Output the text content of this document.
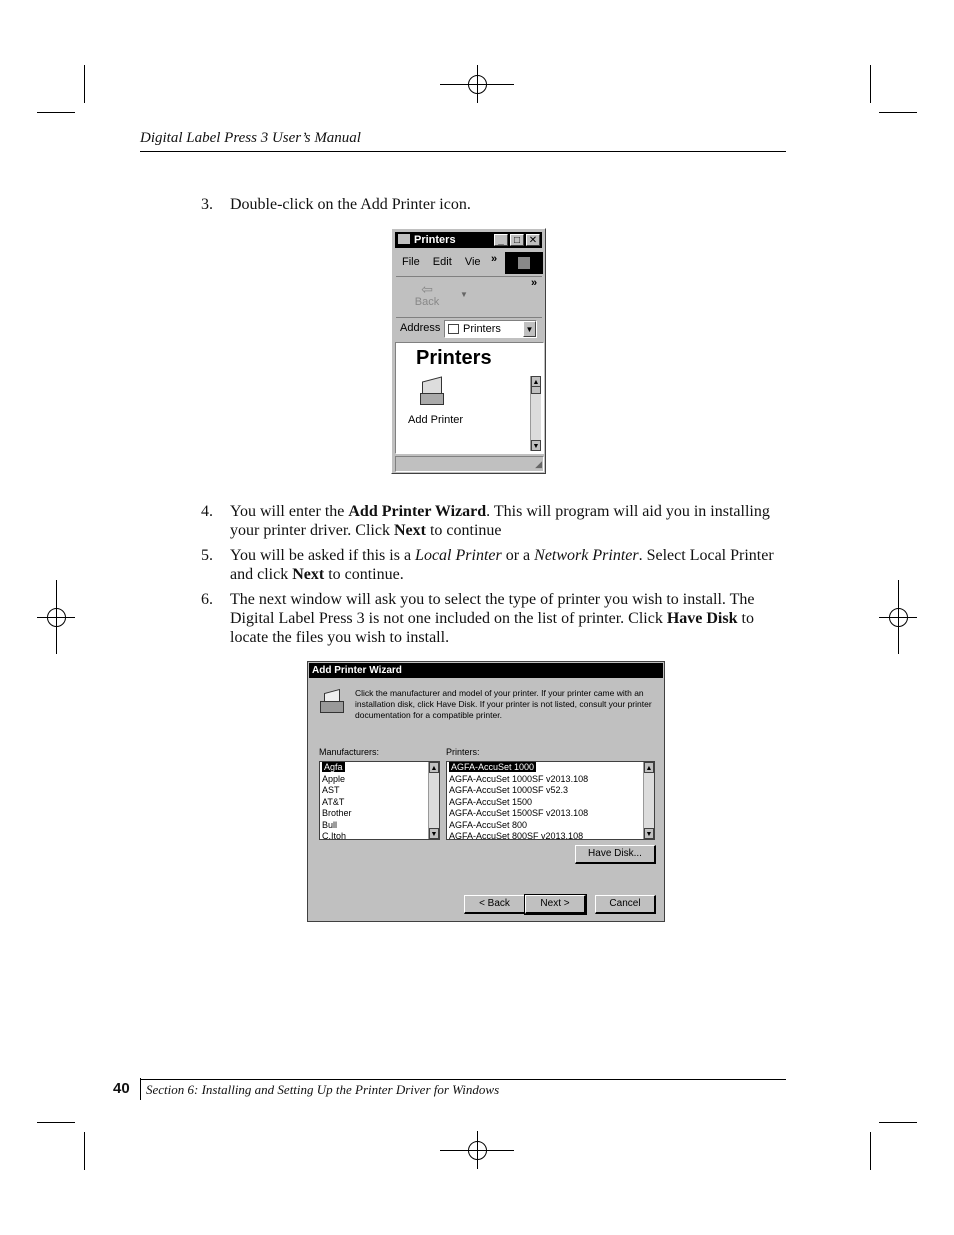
Digital Label Press 3 User’s Manual
3. Double-click on the Add Printer icon.
Printers	_	□ ✕
File Edit Vie »
⇦
Back
▼
»
Address	Printers	▼
Printers
Add Printer
▲
▼
◢
4. You will enter the Add Printer Wizard. This will program will aid you in installing your printer driver. Click Next to continue
5. You will be asked if this is a Local Printer or a Network Printer. Select Local Printer and click Next to continue.
6. The next window will ask you to select the type of printer you wish to install. The Digital Label Press 3 is not one included on the list of printer. Click Have Disk to locate the files you wish to install.
Add Printer Wizard
Click the manufacturer and model of your printer. If your printer came with an installation disk, click Have Disk. If your printer is not listed, consult your printer documentation for a compatible printer.
Manufacturers:	Printers:
Agfa
Apple
AST
AT&T
Brother
Bull
C.Itoh
▲
▼
AGFA-AccuSet 1000
AGFA-AccuSet 1000SF v2013.108
AGFA-AccuSet 1000SF v52.3
AGFA-AccuSet 1500
AGFA-AccuSet 1500SF v2013.108
AGFA-AccuSet 800
AGFA-AccuSet 800SF v2013.108
▲
▼
Have Disk...
< Back	Next >	Cancel
40 Section 6: Installing and Setting Up the Printer Driver for Windows
